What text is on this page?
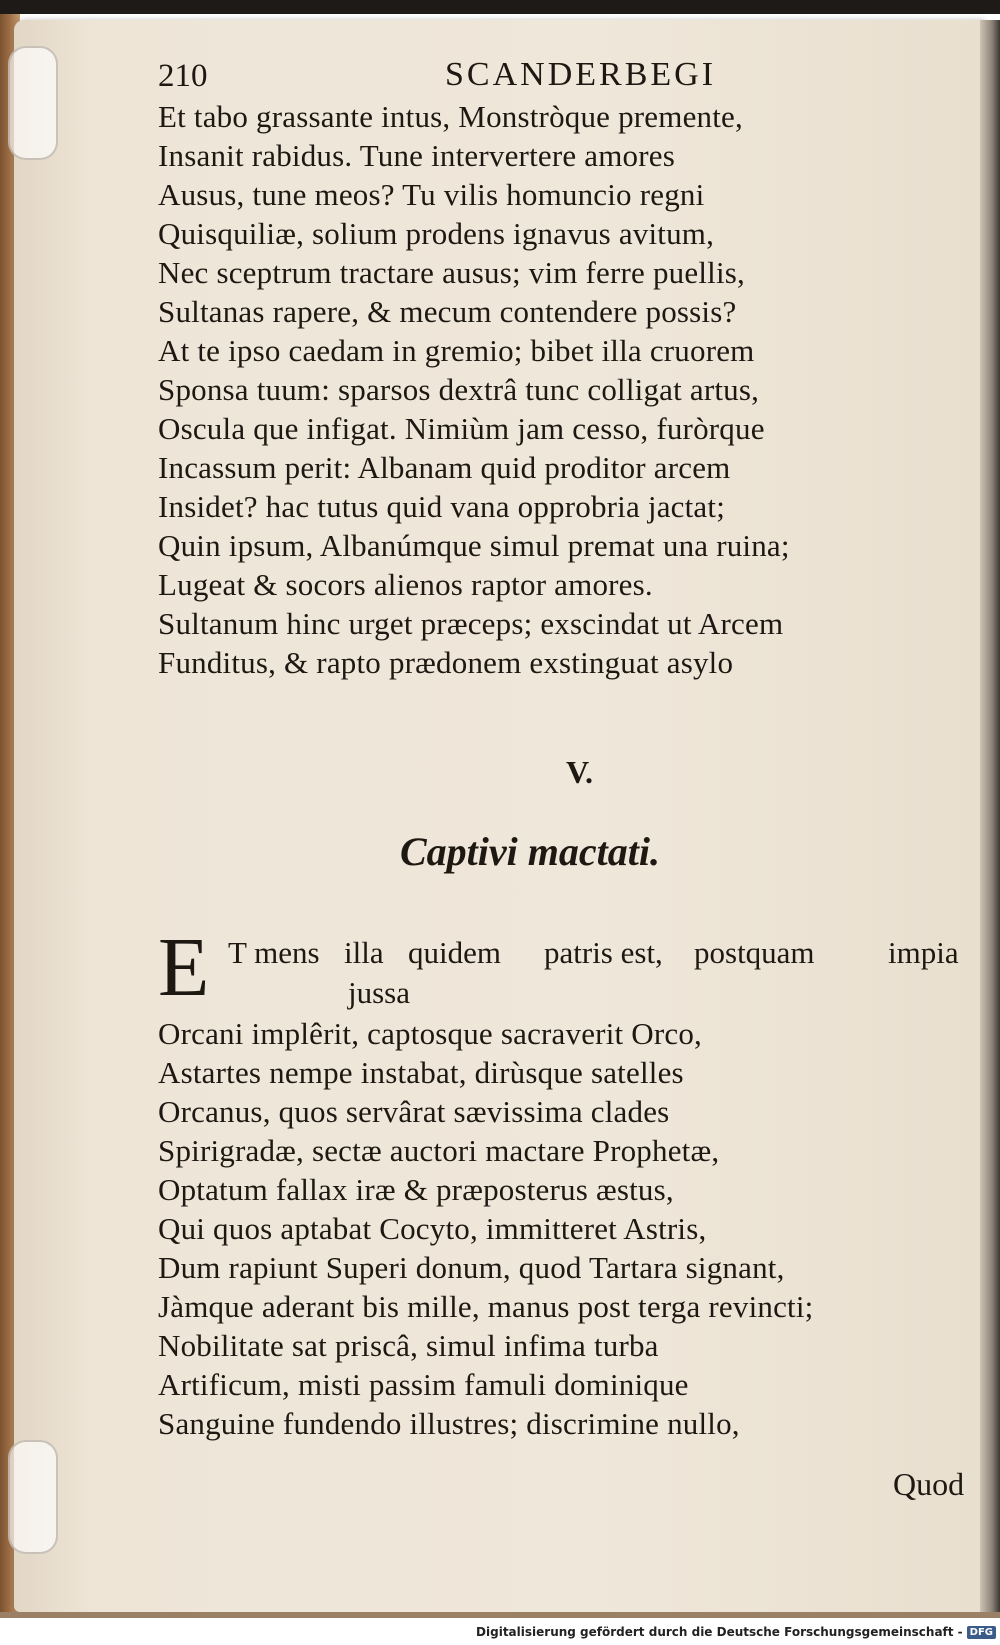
210	SCANDERBEGI
Et tabo grassante intus, Monstròque premente,
Insanit rabidus. Tune intervertere amores
Ausus, tune meos? Tu vilis homuncio regni
Quisquiliæ, solium prodens ignavus avitum,
Nec sceptrum tractare ausus; vim ferre puellis,
Sultanas rapere, & mecum contendere possis?
At te ipso caedam in gremio; bibet illa cruorem
Sponsa tuum: sparsos dextrâ tunc colligat artus,
Oscula que infigat. Nimiùm jam cesso, furòrque
Incassum perit: Albanam quid proditor arcem
Insidet? hac tutus quid vana opprobria jactat;
Quin ipsum, Albanúmque simul premat una ruina;
Lugeat & socors alienos raptor amores.
Sultanum hinc urget præceps; exscindat ut Arcem
Funditus, & rapto prædonem exstinguat asylo
V.
Captivi mactati.
E T mens illa quidem patris est, postquam impia
jussa
Orcani implêrit, captosque sacraverit Orco,
Astartes nempe instabat, dirùsque satelles
Orcanus, quos servârat sævissima clades
Spirigradæ, sectæ auctori mactare Prophetæ,
Optatum fallax iræ & præposterus æstus,
Qui quos aptabat Cocyto, immitteret Astris,
Dum rapiunt Superi donum, quod Tartara signant,
Jàmque aderant bis mille, manus post terga revincti;
Nobilitate sat priscâ, simul infima turba
Artificum, misti passim famuli dominique
Sanguine fundendo illustres; discrimine nullo,
Quod
Digitalisierung gefördert durch die Deutsche Forschungsgemeinschaft - DFG
